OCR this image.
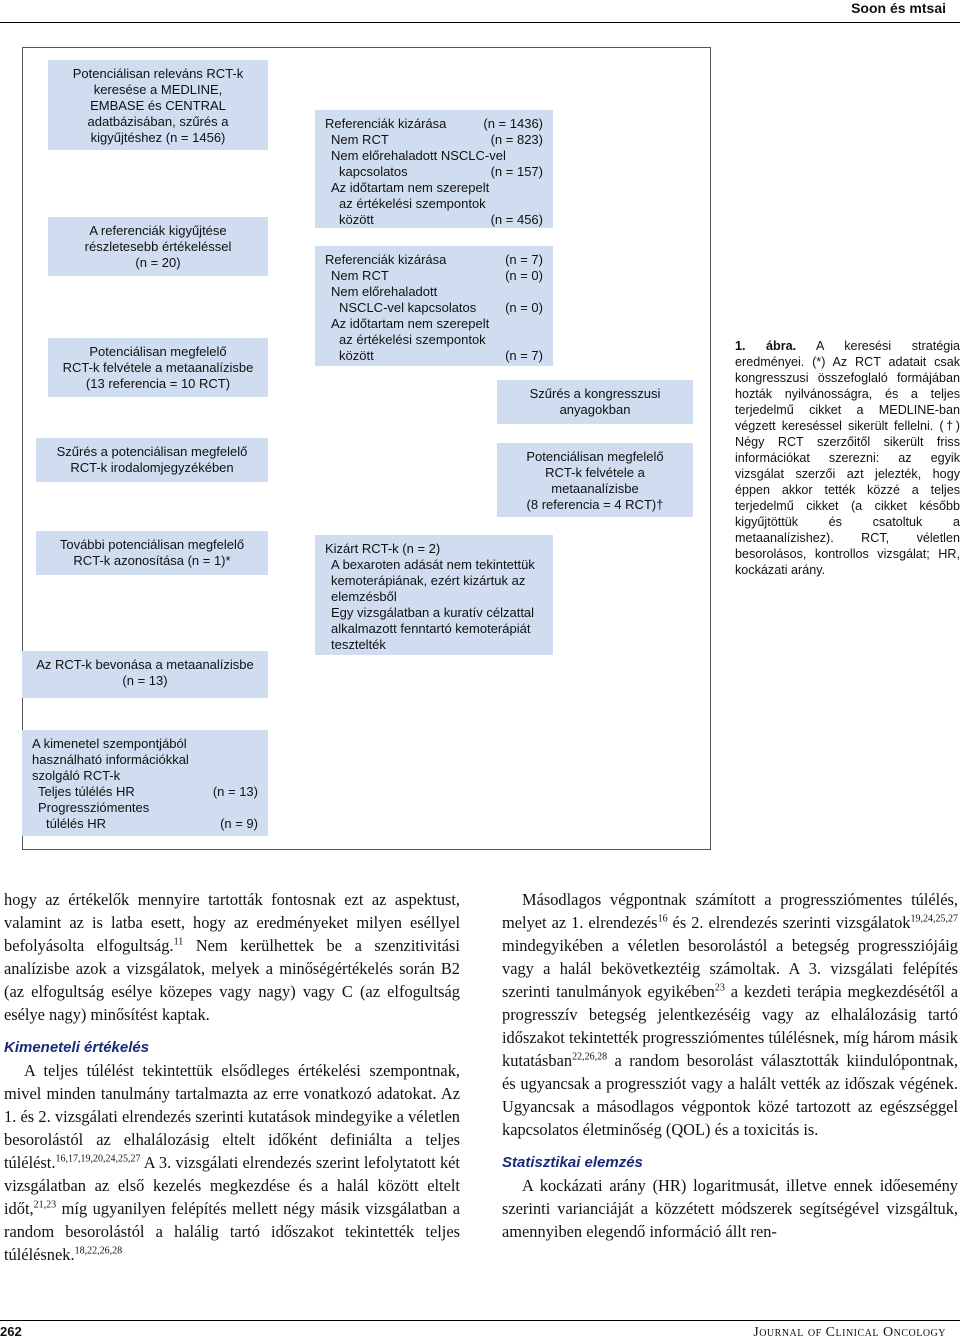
Soon és mtsai
Potenciálisan releváns RCT-k
keresése a MEDLINE,
EMBASE és CENTRAL
adatbázisában, szűrés a
kigyűjtéshez (n = 1456)
A referenciák kigyűjtése
részletesebb értékeléssel
(n = 20)
Potenciálisan megfelelő
RCT-k felvétele a metaanalízisbe
(13 referencia = 10 RCT)
Szűrés a potenciálisan megfelelő
RCT-k irodalomjegyzékében
További potenciálisan megfelelő
RCT-k azonosítása (n = 1)*
Az RCT-k bevonása a metaanalízisbe
(n = 13)
Referenciák kizárása	(n = 1436)
Nem RCT	(n = 823)
Nem előrehaladott NSCLC-vel
kapcsolatos	(n = 157)
Az időtartam nem szerepelt
az értékelési szempontok
között	(n = 456)
Referenciák kizárása	(n = 7)
Nem RCT	(n = 0)
Nem előrehaladott
NSCLC-vel kapcsolatos (n = 0)
Az időtartam nem szerepelt
az értékelési szempontok
között	(n = 7)
Szűrés a kongresszusi
anyagokban
Potenciálisan megfelelő
RCT-k felvétele a
metaanalízisbe
(8 referencia = 4 RCT)†
Kizárt RCT-k (n = 2)
A bexaroten adását nem tekintettük
kemoterápiának, ezért kizártuk az
elemzésből
Egy vizsgálatban a kuratív célzattal
alkalmazott fenntartó kemoterápiát
tesztelték
A kimenetel szempontjából
használható információkkal
szolgáló RCT-k
Teljes túlélés HR	(n = 13)
Progressziómentes
túlélés HR	(n = 9)
1. ábra. A keresési stratégia eredményei. (*) Az RCT adatait csak kongresszusi összefoglaló formájában hozták nyilvánosságra, és a teljes terjedelmű cikket a MEDLINE-ban végzett kereséssel sikerült fellelni. (†) Négy RCT szerzőitől sikerült friss információkat szerezni: az egyik vizsgálat szerzői azt jelezték, hogy éppen akkor tették közzé a teljes terjedelmű cikket (a cikket később kigyűjtöttük és csatoltuk a metaanalízishez). RCT, véletlen besorolásos, kontrollos vizsgálat; HR, kockázati arány.

hogy az értékelők mennyire tartották fontosnak ezt az aspektust, valamint az is latba esett, hogy az eredményeket milyen eséllyel befolyásolta elfogultság.$^{11}$ Nem kerülhettek be a szenzitivitási analízisbe azok a vizsgálatok, melyek a minőségértékelés során B2 (az elfogultság esélye közepes vagy nagy) vagy C (az elfogultság esélye nagy) minősítést kaptak.

Kimeneteli értékelés

A teljes túlélést tekintettük elsődleges értékelési szempontnak, mivel minden tanulmány tartalmazta az erre vonatkozó adatokat. Az 1. és 2. vizsgálati elrendezés szerinti kutatások mindegyike a véletlen besorolástól az elhalálozásig eltelt időként definiálta a teljes túlélést.$^{16,17,19,20,24,25,27}$ A 3. vizsgálati elrendezés szerint lefolytatott két vizsgálatban az első kezelés megkezdése és a halál között eltelt időt,$^{21,23}$ míg ugyanilyen felépítés mellett négy másik vizsgálatban a random besorolástól a halálig tartó időszakot tekintették teljes túlélésnek.$^{18,22,26,28}$

Másodlagos végpontnak számított a progressziómentes túlélés, melyet az 1. elrendezés$^{16}$ és 2. elrendezés szerinti vizsgálatok$^{19,24,25,27}$ mindegyikében a véletlen besorolástól a betegség progressziójáig vagy a halál bekövetkeztéig számoltak. A 3. vizsgálati felépítés szerinti tanulmányok egyikében$^{23}$ a kezdeti terápia megkezdésétől a progresszív betegség jelentkezéséig vagy az elhalálozásig tartó időszakot tekintették progressziómentes túlélésnek, míg három másik kutatásban$^{22,26,28}$ a random besorolást választották kiindulópontnak, és ugyancsak a progressziót vagy a halált vették az időszak végének. Ugyancsak a másodlagos végpontok közé tartozott az egészséggel kapcsolatos életminőség (QOL) és a toxicitás is.

Statisztikai elemzés

A kockázati arány (HR) logaritmusát, illetve ennek időesemény szerinti varianciáját a közzétett módszerek segítségével vizsgáltuk, amennyiben elegendő információ állt ren-

262	Journal of Clinical Oncology
